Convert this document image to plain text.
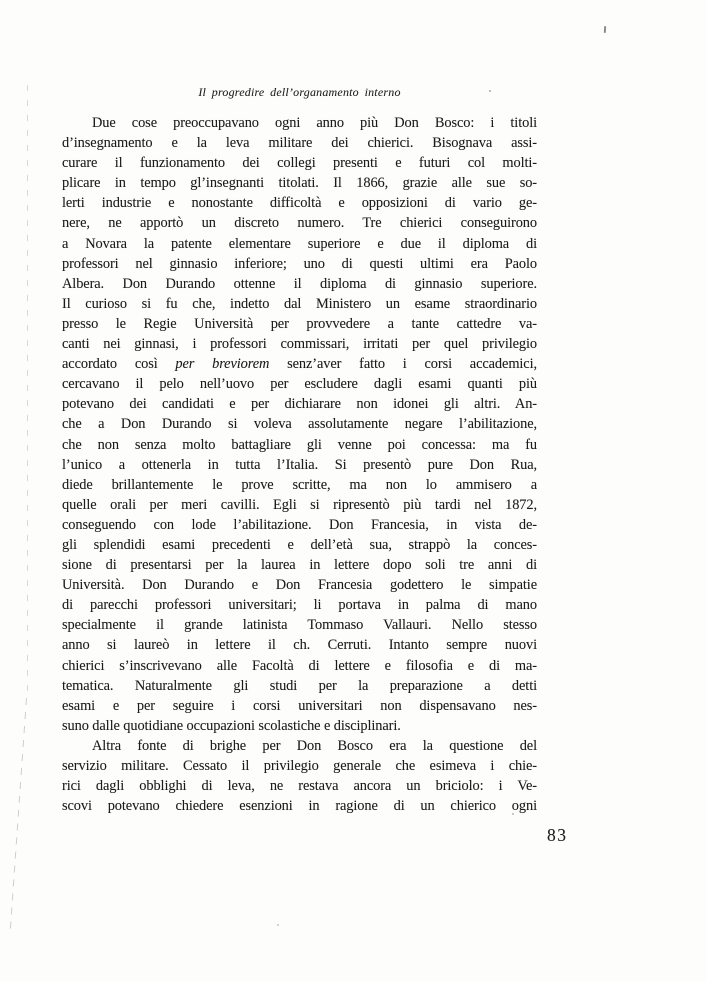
Il progredire dell’organamento interno
Due cose preoccupavano ogni anno più Don Bosco: i titoli
d’insegnamento e la leva militare dei chierici. Bisognava assi-
curare il funzionamento dei collegi presenti e futuri col molti-
plicare in tempo gl’insegnanti titolati. Il 1866, grazie alle sue so-
lerti industrie e nonostante difficoltà e opposizioni di vario ge-
nere, ne apportò un discreto numero. Tre chierici conseguirono
a Novara la patente elementare superiore e due il diploma di
professori nel ginnasio inferiore; uno di questi ultimi era Paolo
Albera. Don Durando ottenne il diploma di ginnasio superiore.
Il curioso si fu che, indetto dal Ministero un esame straordinario
presso le Regie Università per provvedere a tante cattedre va-
canti nei ginnasi, i professori commissari, irritati per quel privilegio
accordato così per breviorem senz’aver fatto i corsi accademici,
cercavano il pelo nell’uovo per escludere dagli esami quanti più
potevano dei candidati e per dichiarare non idonei gli altri. An-
che a Don Durando si voleva assolutamente negare l’abilitazione,
che non senza molto battagliare gli venne poi concessa: ma fu
l’unico a ottenerla in tutta l’Italia. Si presentò pure Don Rua,
diede brillantemente le prove scritte, ma non lo ammisero a
quelle orali per meri cavilli. Egli si ripresentò più tardi nel 1872,
conseguendo con lode l’abilitazione. Don Francesia, in vista de-
gli splendidi esami precedenti e dell’età sua, strappò la conces-
sione di presentarsi per la laurea in lettere dopo soli tre anni di
Università. Don Durando e Don Francesia godettero le simpatie
di parecchi professori universitari; li portava in palma di mano
specialmente il grande latinista Tommaso Vallauri. Nello stesso
anno si laureò in lettere il ch. Cerruti. Intanto sempre nuovi
chierici s’inscrivevano alle Facoltà di lettere e filosofia e di ma-
tematica. Naturalmente gli studi per la preparazione a detti
esami e per seguire i corsi universitari non dispensavano nes-
suno dalle quotidiane occupazioni scolastiche e disciplinari.
Altra fonte di brighe per Don Bosco era la questione del
servizio militare. Cessato il privilegio generale che esimeva i chie-
rici dagli obblighi di leva, ne restava ancora un briciolo: i Ve-
scovi potevano chiedere esenzioni in ragione di un chierico ogni
83
